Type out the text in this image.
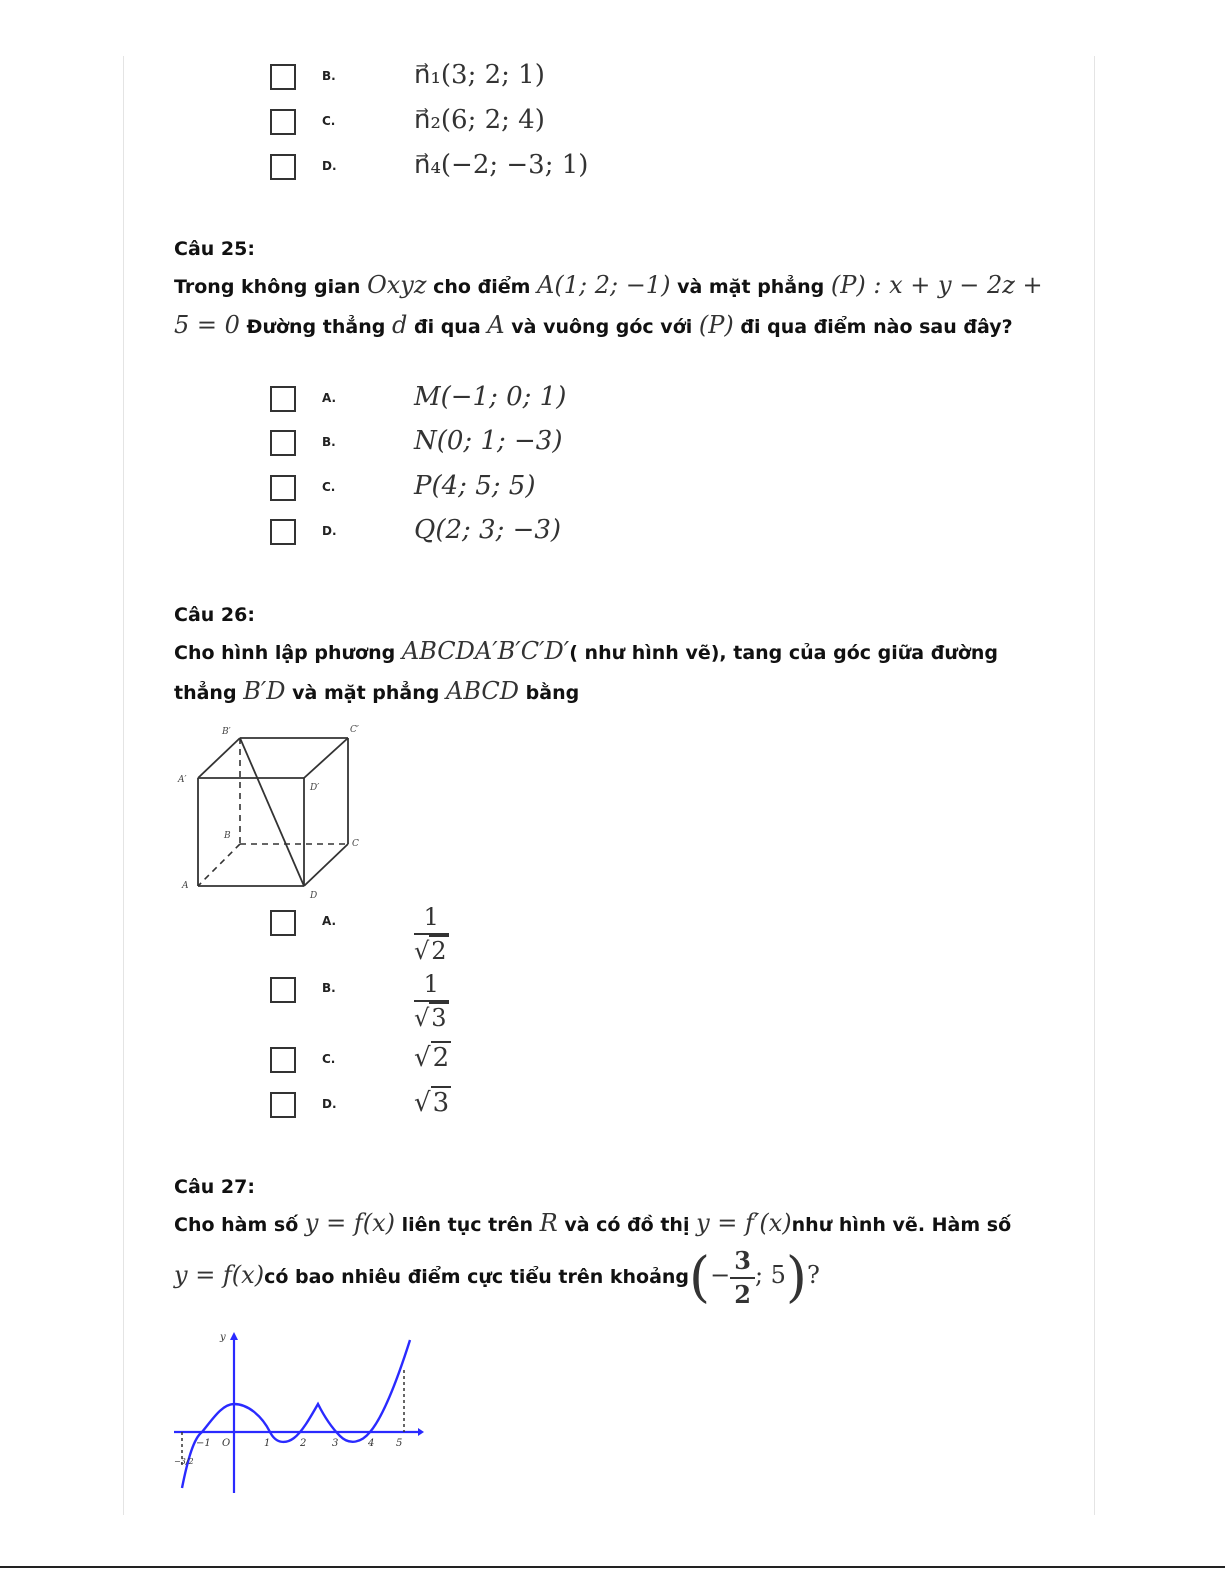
B.	n⃗₁(3; 2; 1)
C.	n⃗₂(6; 2; 4)
D.	n⃗₄(−2; −3; 1)
Câu 25:
Trong không gian Oxyz cho điểm A(1; 2; −1) và mặt phẳng (P) : x + y − 2z + 5 = 0 Đường thẳng d đi qua A và vuông góc với (P) đi qua điểm nào sau đây?
A.	M(−1; 0; 1)
B.	N(0; 1; −3)
C.	P(4; 5; 5)
D.	Q(2; 3; −3)
Câu 26:
Cho hình lập phương ABCDA′B′C′D′( như hình vẽ), tang của góc giữa đường thẳng B′D và mặt phẳng ABCD bằng
B′	C′
A′
D′
B
C
A
D
A.	$\frac{1}{√2}$
B.	$\frac{1}{√3}$
C.	√2
D.	√3
Câu 27:
Cho hàm số y = f(x) liên tục trên R và có đồ thị y = f′(x)như hình vẽ. Hàm số
y = f(x)có bao nhiêu điểm cực tiểu trên khoảng(− $\frac{3}{2}$ ; 5)?
y
O
−1	1	2	3	4 5
−3/2
